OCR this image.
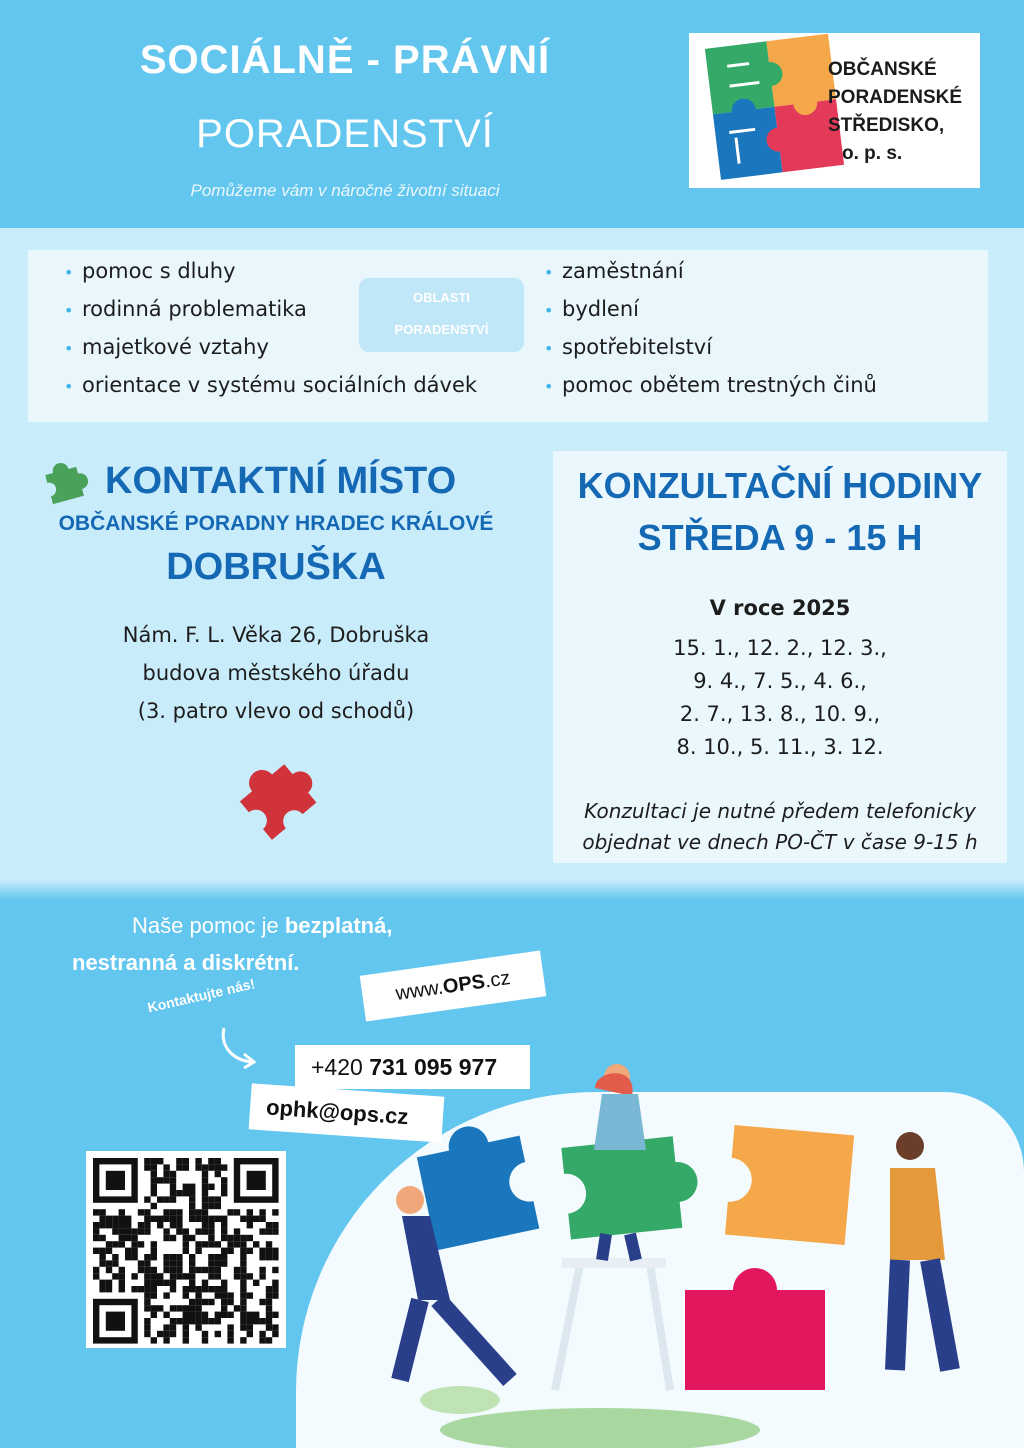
SOCIÁLNĚ - PRÁVNÍ
PORADENSTVÍ
Pomůžeme vám v náročné životní situaci
OBČANSKÉ
PORADENSKÉ
STŘEDISKO,
o. p. s.
• pomoc s dluhy
• rodinná problematika
• majetkové vztahy
• orientace v systému sociálních dávek
OBLASTI
PORADENSTVÍ
• zaměstnání
• bydlení
• spotřebitelství
• pomoc obětem trestných činů
KONTAKTNÍ MÍSTO
OBČANSKÉ PORADNY HRADEC KRÁLOVÉ
DOBRUŠKA
Nám. F. L. Věka 26, Dobruška
budova městského úřadu
(3. patro vlevo od schodů)
KONZULTAČNÍ HODINY
STŘEDA 9 - 15 H
V roce 2025
15. 1., 12. 2., 12. 3.,
9. 4., 7. 5., 4. 6.,
2. 7., 13. 8., 10. 9.,
8. 10., 5. 11., 3. 12.
Konzultaci je nutné předem telefonicky
objednat ve dnech PO-ČT v čase 9-15 h
Naše pomoc je bezplatná,
nestranná a diskrétní.
Kontaktujte nás!	www.OPS.cz
+420 731 095 977
ophk@ops.cz
